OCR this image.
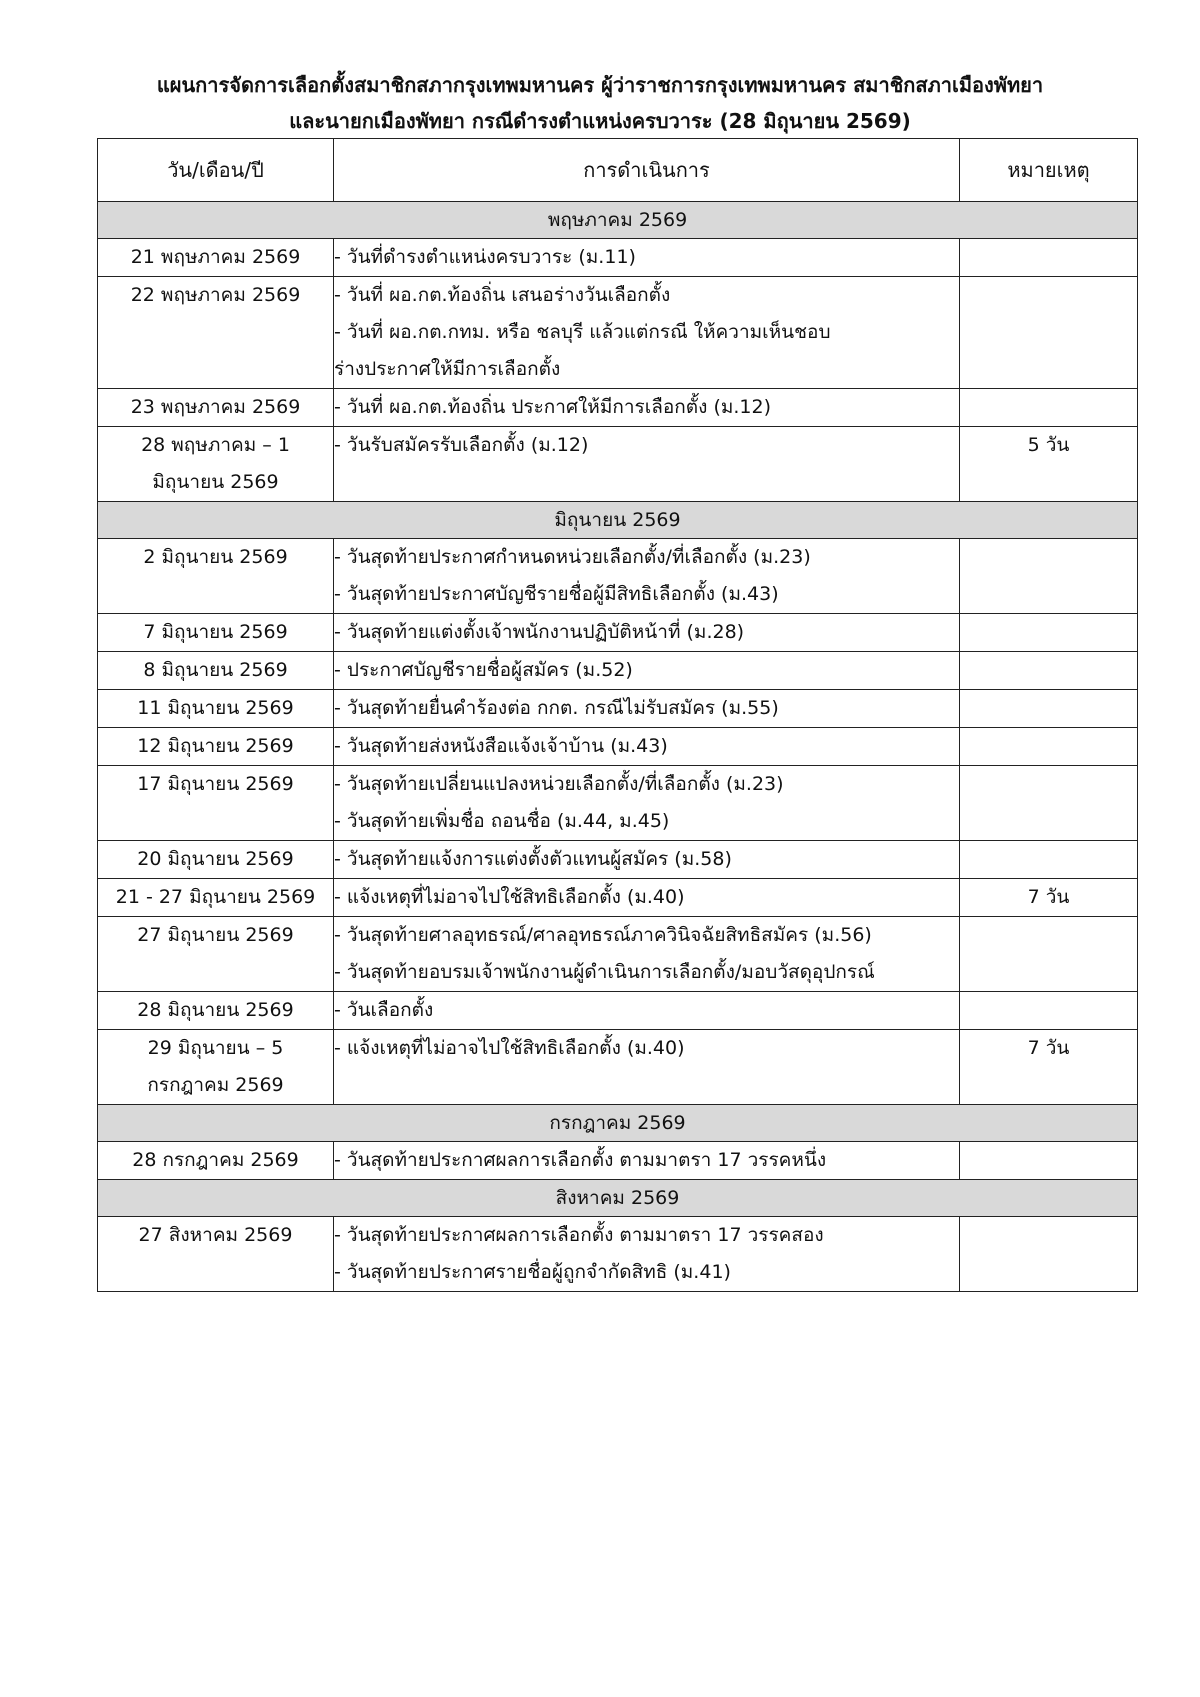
แผนการจัดการเลือกตั้งสมาชิกสภากรุงเทพมหานคร ผู้ว่าราชการกรุงเทพมหานคร สมาชิกสภาเมืองพัทยา
และนายกเมืองพัทยา กรณีดำรงตำแหน่งครบวาระ (28 มิถุนายน 2569)
วัน/เดือน/ปี	การดำเนินการ	หมายเหตุ
พฤษภาคม 2569		

21 พฤษภาคม 2569	- วันที่ดำรงตำแหน่งครบวาระ (ม.11)	

22 พฤษภาคม 2569	- วันที่ ผอ.กต.ท้องถิ่น เสนอร่างวันเลือกตั้ง
- วันที่ ผอ.กต.กทม. หรือ ชลบุรี แล้วแต่กรณี ให้ความเห็นชอบ
ร่างประกาศให้มีการเลือกตั้ง	

23 พฤษภาคม 2569	- วันที่ ผอ.กต.ท้องถิ่น ประกาศให้มีการเลือกตั้ง (ม.12)	

28 พฤษภาคม – 1
มิถุนายน 2569	- วันรับสมัครรับเลือกตั้ง (ม.12)	5 วัน

มิถุนายน 2569		

2 มิถุนายน 2569	- วันสุดท้ายประกาศกำหนดหน่วยเลือกตั้ง/ที่เลือกตั้ง (ม.23)
- วันสุดท้ายประกาศบัญชีรายชื่อผู้มีสิทธิเลือกตั้ง (ม.43)	

7 มิถุนายน 2569	- วันสุดท้ายแต่งตั้งเจ้าพนักงานปฏิบัติหน้าที่ (ม.28)	

8 มิถุนายน 2569	- ประกาศบัญชีรายชื่อผู้สมัคร (ม.52)	

11 มิถุนายน 2569	- วันสุดท้ายยื่นคำร้องต่อ กกต. กรณีไม่รับสมัคร (ม.55)	

12 มิถุนายน 2569	- วันสุดท้ายส่งหนังสือแจ้งเจ้าบ้าน (ม.43)	

17 มิถุนายน 2569	- วันสุดท้ายเปลี่ยนแปลงหน่วยเลือกตั้ง/ที่เลือกตั้ง (ม.23)
- วันสุดท้ายเพิ่มชื่อ ถอนชื่อ (ม.44, ม.45)	

20 มิถุนายน 2569	- วันสุดท้ายแจ้งการแต่งตั้งตัวแทนผู้สมัคร (ม.58)	

21 - 27 มิถุนายน 2569	- แจ้งเหตุที่ไม่อาจไปใช้สิทธิเลือกตั้ง (ม.40)	7 วัน

27 มิถุนายน 2569	- วันสุดท้ายศาลอุทธรณ์/ศาลอุทธรณ์ภาควินิจฉัยสิทธิสมัคร (ม.56)
- วันสุดท้ายอบรมเจ้าพนักงานผู้ดำเนินการเลือกตั้ง/มอบวัสดุอุปกรณ์	

28 มิถุนายน 2569	- วันเลือกตั้ง	

29 มิถุนายน – 5
กรกฎาคม 2569	- แจ้งเหตุที่ไม่อาจไปใช้สิทธิเลือกตั้ง (ม.40)	7 วัน

กรกฎาคม 2569		

28 กรกฎาคม 2569	- วันสุดท้ายประกาศผลการเลือกตั้ง ตามมาตรา 17 วรรคหนึ่ง	

สิงหาคม 2569		

27 สิงหาคม 2569	- วันสุดท้ายประกาศผลการเลือกตั้ง ตามมาตรา 17 วรรคสอง
- วันสุดท้ายประกาศรายชื่อผู้ถูกจำกัดสิทธิ (ม.41)	
